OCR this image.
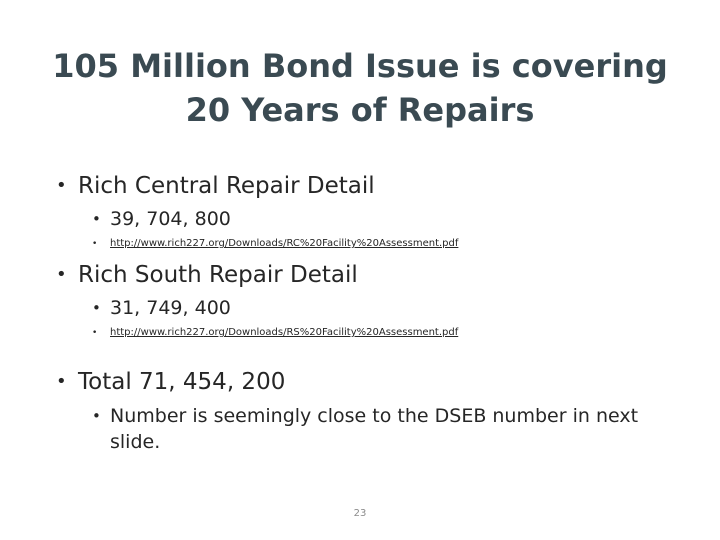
105 Million Bond Issue is covering
20 Years of Repairs
• Rich Central Repair Detail
• 39, 704, 800
•	http://www.rich227.org/Downloads/RC%20Facility%20Assessment.pdf
• Rich South Repair Detail
• 31, 749, 400
•	http://www.rich227.org/Downloads/RS%20Facility%20Assessment.pdf
• Total 71, 454, 200
• Number is seemingly close to the DSEB number in next slide.
23
